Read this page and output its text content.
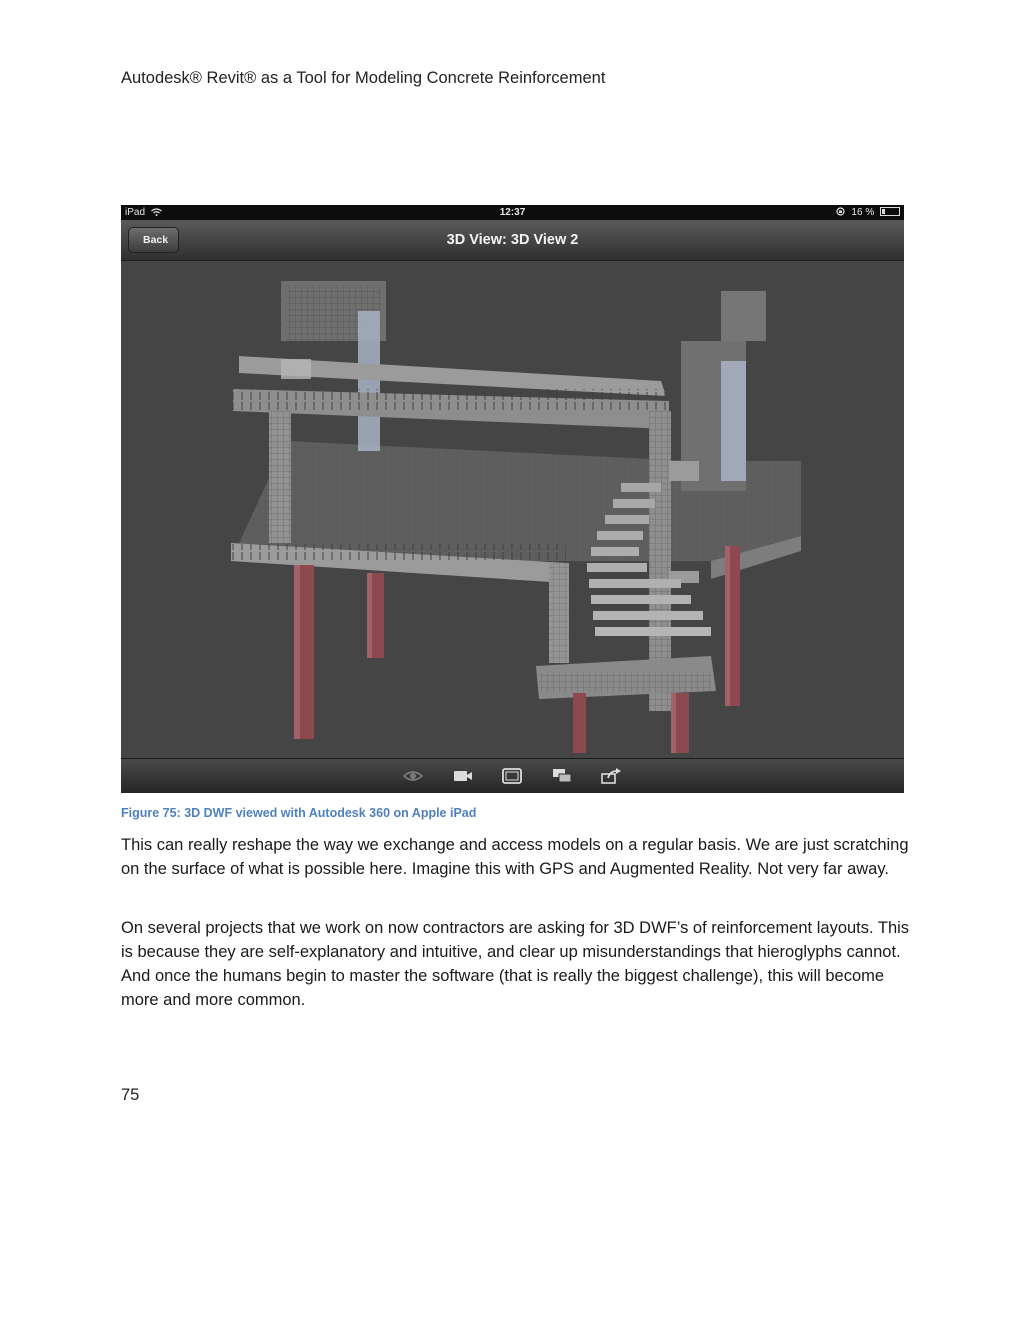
Autodesk® Revit® as a Tool for Modeling Concrete Reinforcement
iPad	12:37	16 %
Back	3D View: 3D View 2
Figure 75: 3D DWF viewed with Autodesk 360 on Apple iPad

This can really reshape the way we exchange and access models on a regular basis. We are just scratching on the surface of what is possible here. Imagine this with GPS and Augmented Reality. Not very far away.

On several projects that we work on now contractors are asking for 3D DWF’s of reinforcement layouts. This is because they are self-explanatory and intuitive, and clear up misunderstandings that hieroglyphs cannot. And once the humans begin to master the software (that is really the biggest challenge), this will become more and more common.

75
